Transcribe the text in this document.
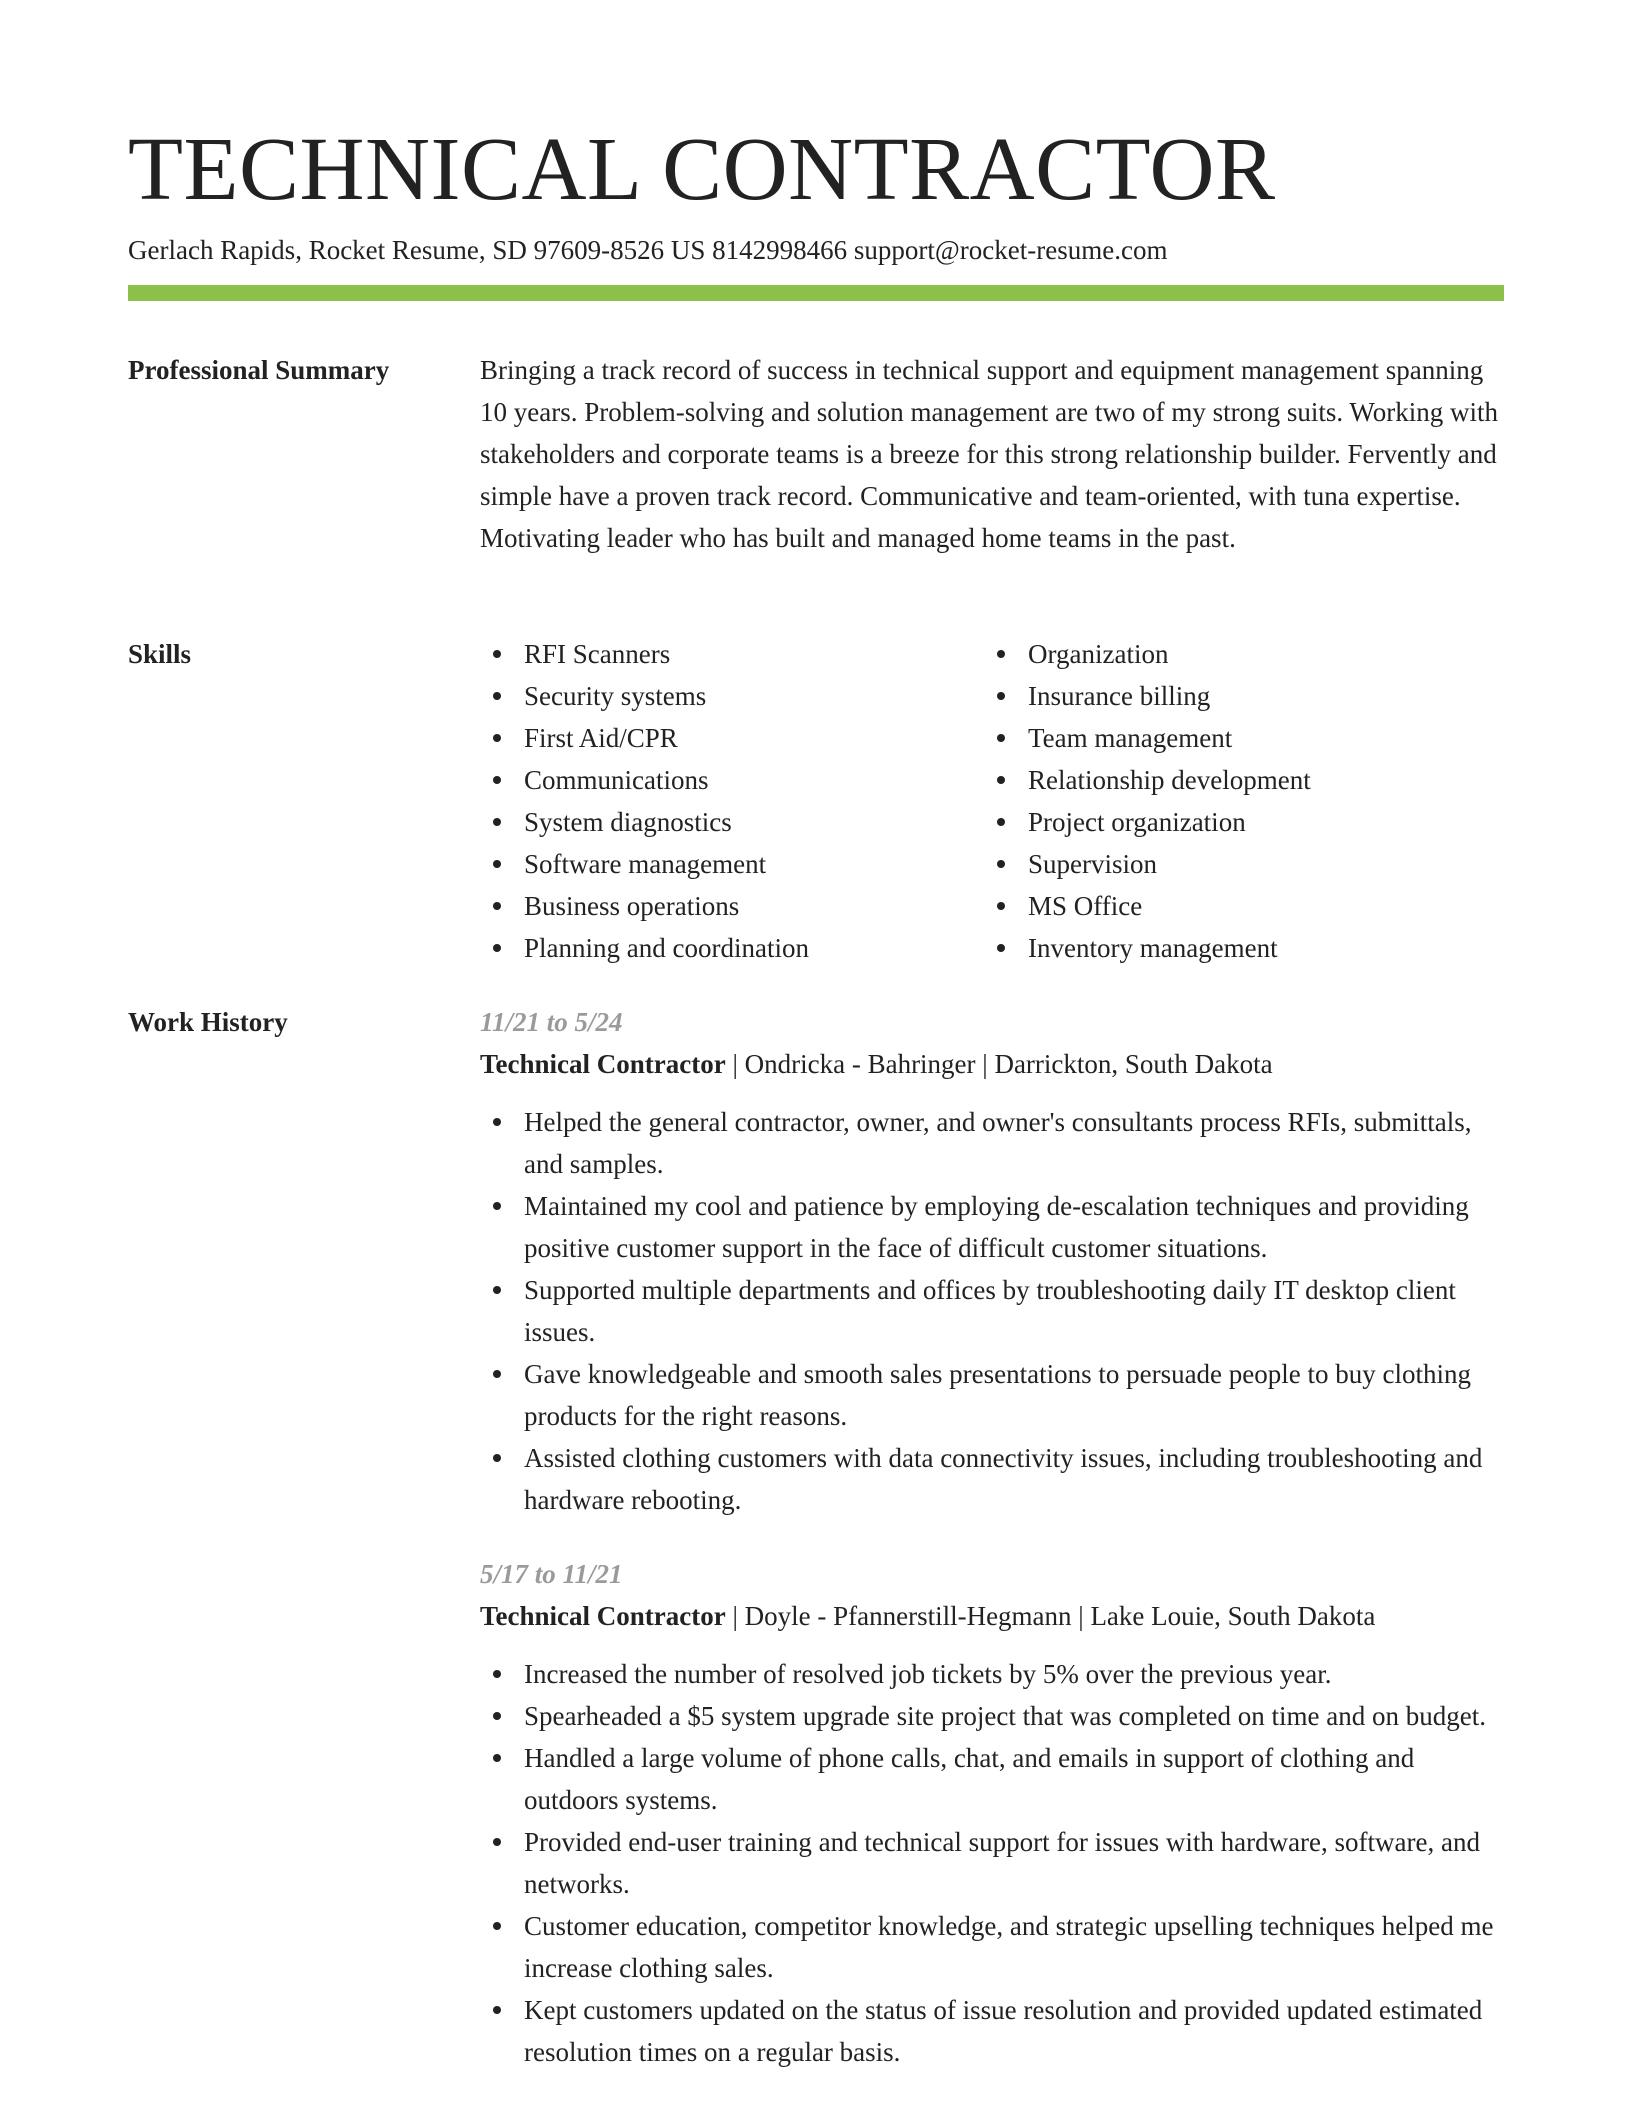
TECHNICAL CONTRACTOR
Gerlach Rapids, Rocket Resume, SD 97609-8526 US 8142998466 support@rocket-resume.com
Professional Summary	Bringing a track record of success in technical support and equipment management spanning 10 years. Problem-solving and solution management are two of my strong suits. Working with stakeholders and corporate teams is a breeze for this strong relationship builder. Fervently and simple have a proven track record. Communicative and team-oriented, with tuna expertise. Motivating leader who has built and managed home teams in the past.

Skills	RFI Scanners
Security systems
First Aid/CPR
Communications
System diagnostics
Software management
Business operations
Planning and coordination
Organization
Insurance billing
Team management
Relationship development
Project organization
Supervision
MS Office
Inventory management
Work History	11/21 to 5/24
Technical Contractor | Ondricka - Bahringer | Darrickton, South Dakota
Helped the general contractor, owner, and owner's consultants process RFIs, submittals, and samples.
Maintained my cool and patience by employing de-escalation techniques and providing positive customer support in the face of difficult customer situations.
Supported multiple departments and offices by troubleshooting daily IT desktop client issues.
Gave knowledgeable and smooth sales presentations to persuade people to buy clothing products for the right reasons.
Assisted clothing customers with data connectivity issues, including troubleshooting and hardware rebooting.
5/17 to 11/21
Technical Contractor | Doyle - Pfannerstill-Hegmann | Lake Louie, South Dakota
Increased the number of resolved job tickets by 5% over the previous year.
Spearheaded a $5 system upgrade site project that was completed on time and on budget.
Handled a large volume of phone calls, chat, and emails in support of clothing and outdoors systems.
Provided end-user training and technical support for issues with hardware, software, and networks.
Customer education, competitor knowledge, and strategic upselling techniques helped me increase clothing sales.
Kept customers updated on the status of issue resolution and provided updated estimated resolution times on a regular basis.
